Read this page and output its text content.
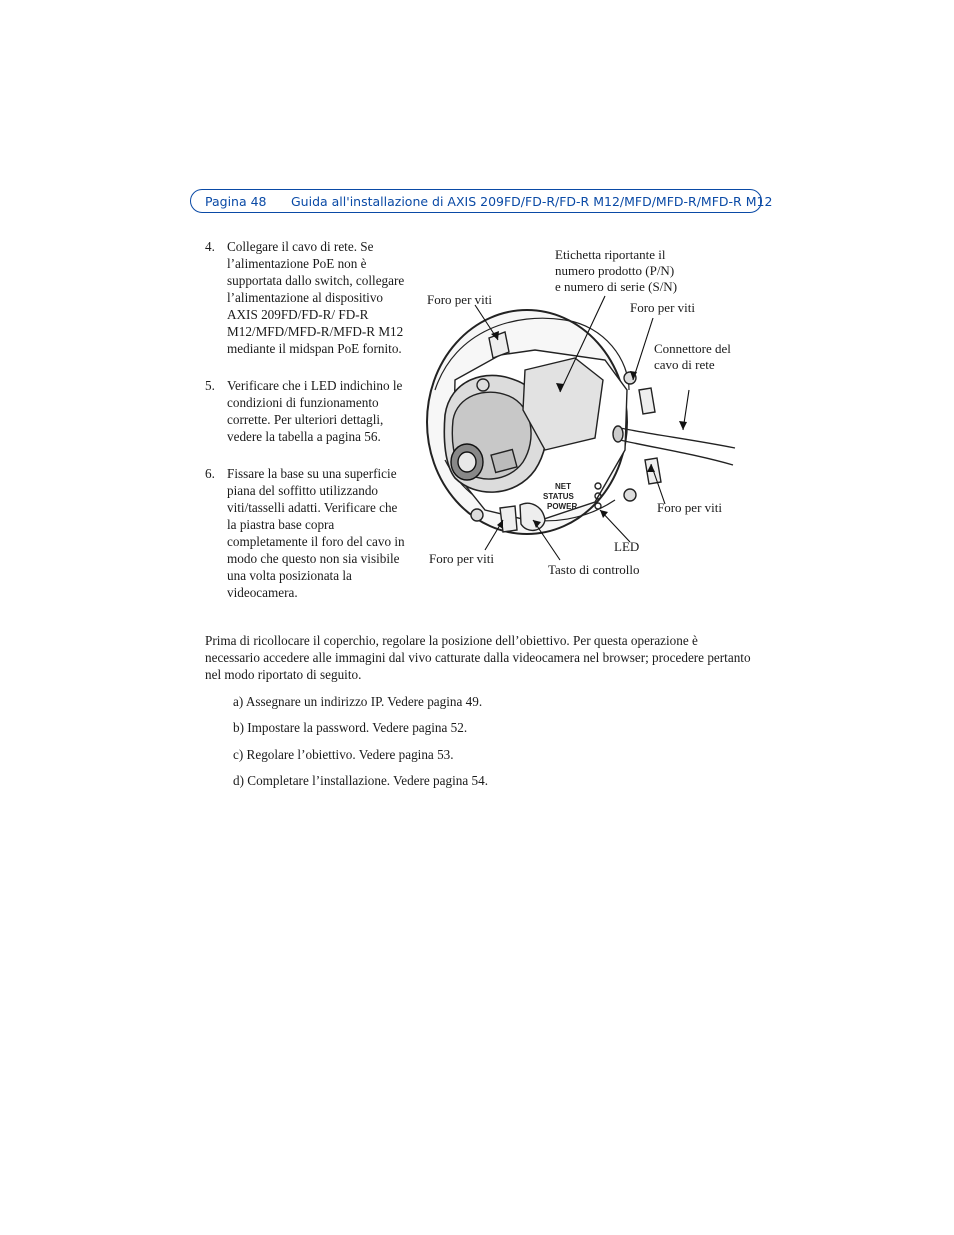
Pagina 48 Guida all'installazione di AXIS 209FD/FD-R/FD-R M12/MFD/MFD-R/MFD-R M12
4. Collegare il cavo di rete. Se l’alimentazione PoE non è supportata dallo switch, collegare l’alimentazione al dispositivo AXIS 209FD/FD-R/ FD-R M12/MFD/MFD-R/MFD-R M12 mediante il midspan PoE fornito.
5. Verificare che i LED indichino le condizioni di funzionamento corrette. Per ulteriori dettagli, vedere la tabella a pagina 56.
6. Fissare la base su una superficie piana del soffitto utilizzando viti/tasselli adatti. Verificare che la piastra base copra completamente il foro del cavo in modo che questo non sia visibile una volta posizionata la videocamera.
NET
STATUS
POWER
Etichetta riportante il
numero prodotto (P/N)
e numero di serie (S/N)
Foro per viti
Foro per viti
Connettore del
cavo di rete
Foro per viti
LED
Foro per viti
Tasto di controllo
Prima di ricollocare il coperchio, regolare la posizione dell’obiettivo. Per questa operazione è necessario accedere alle immagini dal vivo catturate dalla videocamera nel browser; procedere pertanto nel modo riportato di seguito.
a) Assegnare un indirizzo IP. Vedere pagina 49.
b) Impostare la password. Vedere pagina 52.
c) Regolare l’obiettivo. Vedere pagina 53.
d) Completare l’installazione. Vedere pagina 54.
